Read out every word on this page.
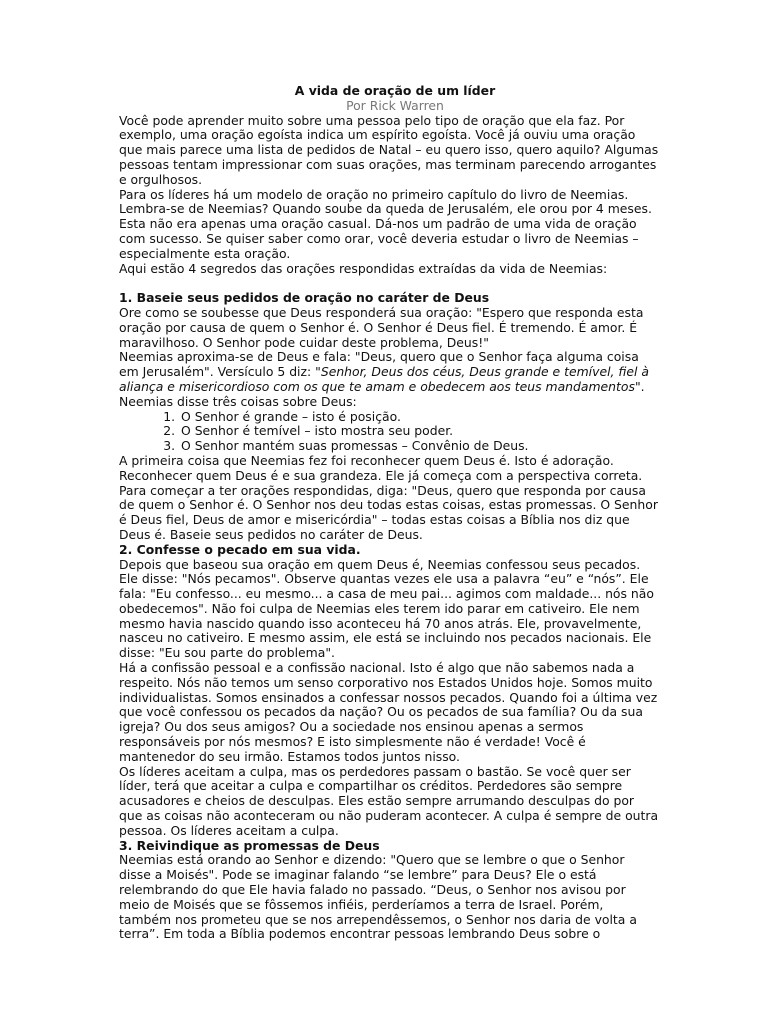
A vida de oração de um líder

Por Rick Warren

Você pode aprender muito sobre uma pessoa pelo tipo de oração que ela faz. Por exemplo, uma oração egoísta indica um espírito egoísta. Você já ouviu uma oração que mais parece uma lista de pedidos de Natal – eu quero isso, quero aquilo? Algumas pessoas tentam impressionar com suas orações, mas terminam parecendo arrogantes e orgulhosos.

Para os líderes há um modelo de oração no primeiro capítulo do livro de Neemias. Lembra-se de Neemias? Quando soube da queda de Jerusalém, ele orou por 4 meses.

Esta não era apenas uma oração casual. Dá-nos um padrão de uma vida de oração com sucesso. Se quiser saber como orar, você deveria estudar o livro de Neemias – especialmente esta oração.

Aqui estão 4 segredos das orações respondidas extraídas da vida de Neemias:

1. Baseie seus pedidos de oração no caráter de Deus

Ore como se soubesse que Deus responderá sua oração: "Espero que responda esta oração por causa de quem o Senhor é. O Senhor é Deus fiel. É tremendo. É amor. É maravilhoso. O Senhor pode cuidar deste problema, Deus!"

Neemias aproxima-se de Deus e fala: "Deus, quero que o Senhor faça alguma coisa em Jerusalém". Versículo 5 diz: "Senhor, Deus dos céus, Deus grande e temível, fiel à aliança e misericordioso com os que te amam e obedecem aos teus mandamentos". Neemias disse três coisas sobre Deus:

1. O Senhor é grande – isto é posição.
2. O Senhor é temível – isto mostra seu poder.
3. O Senhor mantém suas promessas – Convênio de Deus.

A primeira coisa que Neemias fez foi reconhecer quem Deus é. Isto é adoração. Reconhecer quem Deus é e sua grandeza. Ele já começa com a perspectiva correta. Para começar a ter orações respondidas, diga: "Deus, quero que responda por causa de quem o Senhor é. O Senhor nos deu todas estas coisas, estas promessas. O Senhor é Deus fiel, Deus de amor e misericórdia" – todas estas coisas a Bíblia nos diz que Deus é. Baseie seus pedidos no caráter de Deus.

2. Confesse o pecado em sua vida.

Depois que baseou sua oração em quem Deus é, Neemias confessou seus pecados. Ele disse: "Nós pecamos". Observe quantas vezes ele usa a palavra “eu” e “nós”. Ele fala: "Eu confesso... eu mesmo... a casa de meu pai... agimos com maldade... nós não obedecemos". Não foi culpa de Neemias eles terem ido parar em cativeiro. Ele nem mesmo havia nascido quando isso aconteceu há 70 anos atrás. Ele, provavelmente, nasceu no cativeiro. E mesmo assim, ele está se incluindo nos pecados nacionais. Ele disse: "Eu sou parte do problema".

Há a confissão pessoal e a confissão nacional. Isto é algo que não sabemos nada a respeito. Nós não temos um senso corporativo nos Estados Unidos hoje. Somos muito individualistas. Somos ensinados a confessar nossos pecados. Quando foi a última vez que você confessou os pecados da nação? Ou os pecados de sua família? Ou da sua igreja? Ou dos seus amigos? Ou a sociedade nos ensinou apenas a sermos responsáveis por nós mesmos? E isto simplesmente não é verdade! Você é mantenedor do seu irmão. Estamos todos juntos nisso.

Os líderes aceitam a culpa, mas os perdedores passam o bastão. Se você quer ser líder, terá que aceitar a culpa e compartilhar os créditos. Perdedores são sempre acusadores e cheios de desculpas. Eles estão sempre arrumando desculpas do por que as coisas não aconteceram ou não puderam acontecer. A culpa é sempre de outra pessoa. Os líderes aceitam a culpa.

3. Reivindique as promessas de Deus

Neemias está orando ao Senhor e dizendo: "Quero que se lembre o que o Senhor disse a Moisés". Pode se imaginar falando “se lembre” para Deus? Ele o está relembrando do que Ele havia falado no passado. “Deus, o Senhor nos avisou por meio de Moisés que se fôssemos infiéis, perderíamos a terra de Israel. Porém, também nos prometeu que se nos arrependêssemos, o Senhor nos daria de volta a terra”. Em toda a Bíblia podemos encontrar pessoas lembrando Deus sobre o
